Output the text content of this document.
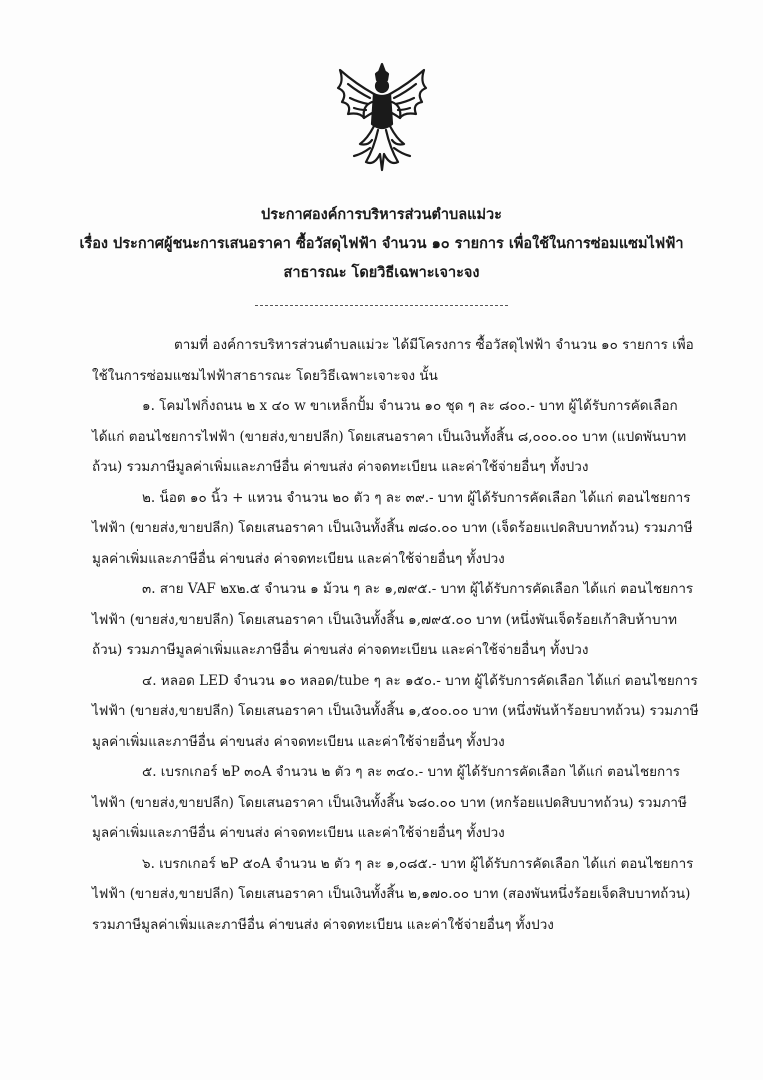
ประกาศองค์การบริหารส่วนตำบลแม่วะ
เรื่อง ประกาศผู้ชนะการเสนอราคา ซื้อวัสดุไฟฟ้า จำนวน ๑๐ รายการ เพื่อใช้ในการซ่อมแซมไฟฟ้า
สาธารณะ โดยวิธีเฉพาะเจาะจง

ตามที่ องค์การบริหารส่วนตำบลแม่วะ ได้มีโครงการ ซื้อวัสดุไฟฟ้า จำนวน ๑๐ รายการ เพื่อใช้ในการซ่อมแซมไฟฟ้าสาธารณะ โดยวิธีเฉพาะเจาะจง นั้น

๑. โคมไฟกิ่งถนน ๒ x ๔๐ w ขาเหล็กปั้ม จำนวน ๑๐ ชุด ๆ ละ ๘๐๐.- บาท ผู้ได้รับการคัดเลือก ได้แก่ ตอนไชยการไฟฟ้า (ขายส่ง,ขายปลีก) โดยเสนอราคา เป็นเงินทั้งสิ้น ๘,๐๐๐.๐๐ บาท (แปดพันบาทถ้วน) รวมภาษีมูลค่าเพิ่มและภาษีอื่น ค่าขนส่ง ค่าจดทะเบียน และค่าใช้จ่ายอื่นๆ ทั้งปวง

๒. น็อต ๑๐ นิ้ว + แหวน จำนวน ๒๐ ตัว ๆ ละ ๓๙.- บาท ผู้ได้รับการคัดเลือก ได้แก่ ตอนไชยการไฟฟ้า (ขายส่ง,ขายปลีก) โดยเสนอราคา เป็นเงินทั้งสิ้น ๗๘๐.๐๐ บาท (เจ็ดร้อยแปดสิบบาทถ้วน) รวมภาษีมูลค่าเพิ่มและภาษีอื่น ค่าขนส่ง ค่าจดทะเบียน และค่าใช้จ่ายอื่นๆ ทั้งปวง

๓. สาย VAF ๒x๒.๕ จำนวน ๑ ม้วน ๆ ละ ๑,๗๙๕.- บาท ผู้ได้รับการคัดเลือก ได้แก่ ตอนไชยการไฟฟ้า (ขายส่ง,ขายปลีก) โดยเสนอราคา เป็นเงินทั้งสิ้น ๑,๗๙๕.๐๐ บาท (หนึ่งพันเจ็ดร้อยเก้าสิบห้าบาทถ้วน) รวมภาษีมูลค่าเพิ่มและภาษีอื่น ค่าขนส่ง ค่าจดทะเบียน และค่าใช้จ่ายอื่นๆ ทั้งปวง

๔. หลอด LED จำนวน ๑๐ หลอด/tube ๆ ละ ๑๕๐.- บาท ผู้ได้รับการคัดเลือก ได้แก่ ตอนไชยการไฟฟ้า (ขายส่ง,ขายปลีก) โดยเสนอราคา เป็นเงินทั้งสิ้น ๑,๕๐๐.๐๐ บาท (หนึ่งพันห้าร้อยบาทถ้วน) รวมภาษีมูลค่าเพิ่มและภาษีอื่น ค่าขนส่ง ค่าจดทะเบียน และค่าใช้จ่ายอื่นๆ ทั้งปวง

๕. เบรกเกอร์ ๒P ๓๐A จำนวน ๒ ตัว ๆ ละ ๓๔๐.- บาท ผู้ได้รับการคัดเลือก ได้แก่ ตอนไชยการไฟฟ้า (ขายส่ง,ขายปลีก) โดยเสนอราคา เป็นเงินทั้งสิ้น ๖๘๐.๐๐ บาท (หกร้อยแปดสิบบาทถ้วน) รวมภาษีมูลค่าเพิ่มและภาษีอื่น ค่าขนส่ง ค่าจดทะเบียน และค่าใช้จ่ายอื่นๆ ทั้งปวง

๖. เบรกเกอร์ ๒P ๕๐A จำนวน ๒ ตัว ๆ ละ ๑,๐๘๕.- บาท ผู้ได้รับการคัดเลือก ได้แก่ ตอนไชยการไฟฟ้า (ขายส่ง,ขายปลีก) โดยเสนอราคา เป็นเงินทั้งสิ้น ๒,๑๗๐.๐๐ บาท (สองพันหนึ่งร้อยเจ็ดสิบบาทถ้วน) รวมภาษีมูลค่าเพิ่มและภาษีอื่น ค่าขนส่ง ค่าจดทะเบียน และค่าใช้จ่ายอื่นๆ ทั้งปวง
